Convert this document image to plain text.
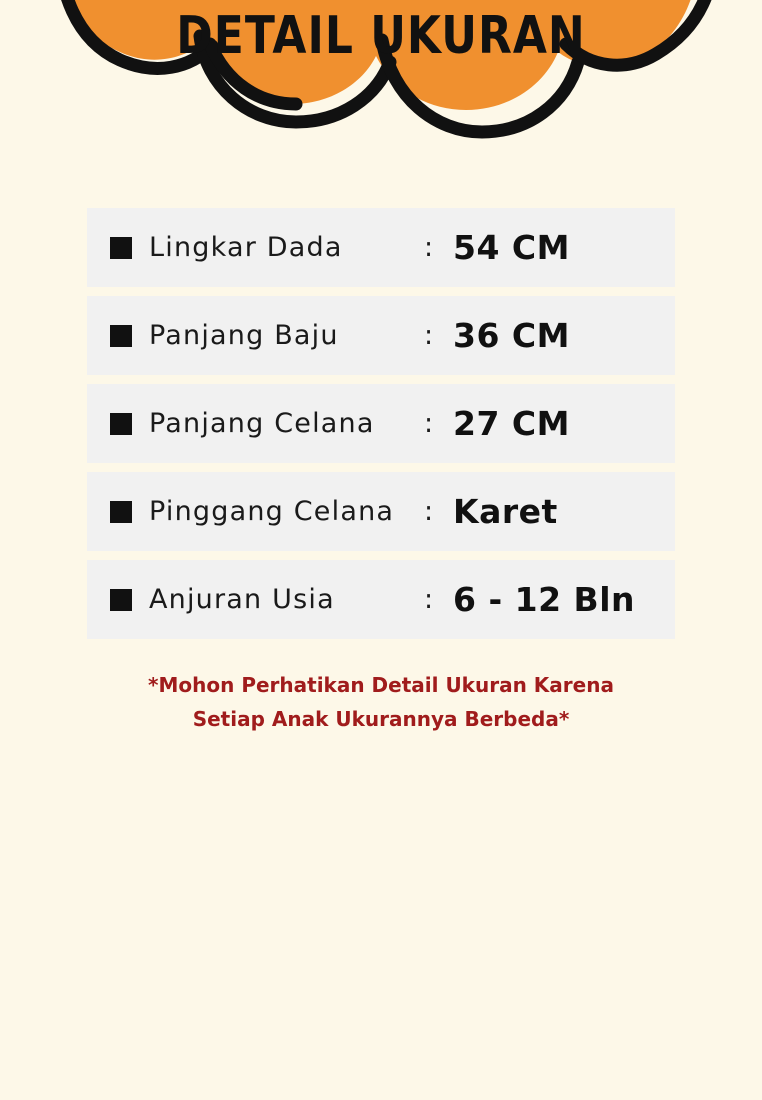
DETAIL UKURAN
Lingkar Dada	: 54 CM
Panjang Baju	: 36 CM
Panjang Celana : 27 CM
Pinggang Celana : Karet
Anjuran Usia	: 6 - 12 Bln
*Mohon Perhatikan Detail Ukuran Karena
Setiap Anak Ukurannya Berbeda*
